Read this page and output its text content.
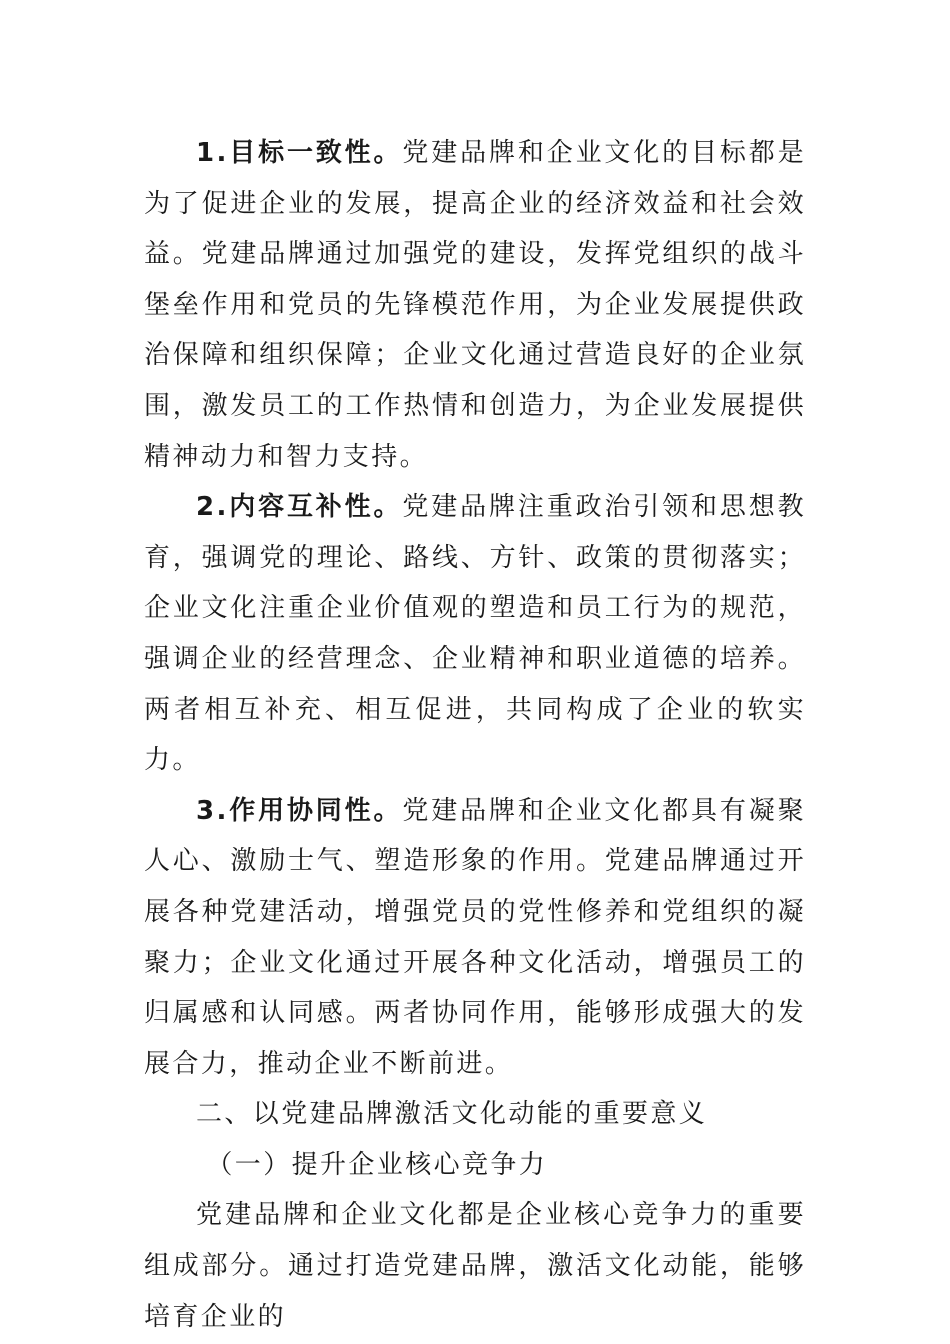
1.目标一致性。党建品牌和企业文化的目标都是为了促进企业的发展，提高企业的经济效益和社会效益。党建品牌通过加强党的建设，发挥党组织的战斗堡垒作用和党员的先锋模范作用，为企业发展提供政治保障和组织保障；企业文化通过营造良好的企业氛围，激发员工的工作热情和创造力，为企业发展提供精神动力和智力支持。

2.内容互补性。党建品牌注重政治引领和思想教育，强调党的理论、路线、方针、政策的贯彻落实；企业文化注重企业价值观的塑造和员工行为的规范，强调企业的经营理念、企业精神和职业道德的培养。两者相互补充、相互促进，共同构成了企业的软实力。

3.作用协同性。党建品牌和企业文化都具有凝聚人心、激励士气、塑造形象的作用。党建品牌通过开展各种党建活动，增强党员的党性修养和党组织的凝聚力；企业文化通过开展各种文化活动，增强员工的归属感和认同感。两者协同作用，能够形成强大的发展合力，推动企业不断前进。

二、以党建品牌激活文化动能的重要意义

（一）提升企业核心竞争力

党建品牌和企业文化都是企业核心竞争力的重要组成部分。通过打造党建品牌，激活文化动能，能够培育企业的
